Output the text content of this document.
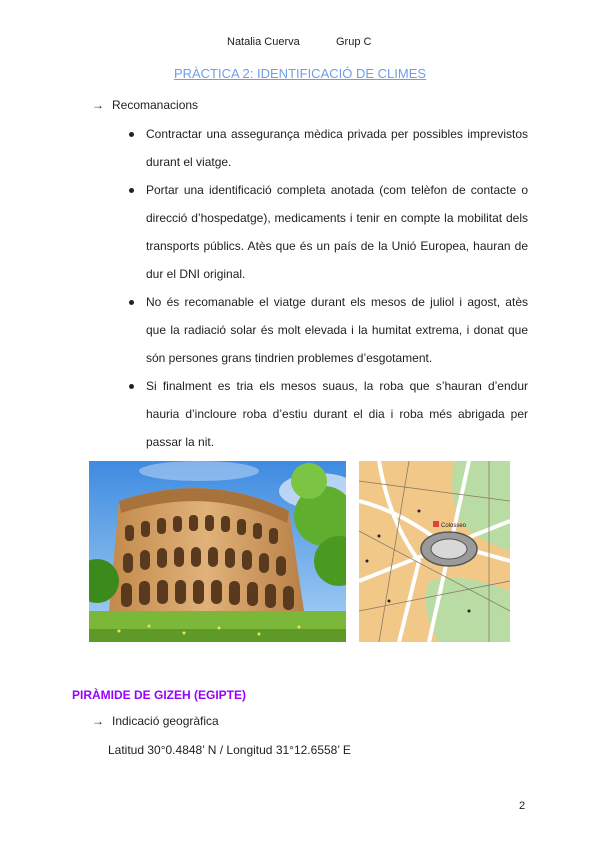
Natalia Cuerva	Grup C
PRÀCTICA 2: IDENTIFICACIÓ DE CLIMES
→ Recomanacions
Contractar una assegurança mèdica privada per possibles imprevistos durant el viatge.
Portar una identificació completa anotada (com telèfon de contacte o direcció d’hospedatge), medicaments i tenir en compte la mobilitat dels transports públics. Atès que és un país de la Unió Europea, hauran de dur el DNI original.
No és recomanable el viatge durant els mesos de juliol i agost, atès que la radiació solar és molt elevada i la humitat extrema, i donat que són persones grans tindrien problemes d’esgotament.
Si finalment es tria els mesos suaus, la roba que s’hauran d’endur hauria d’incloure roba d’estiu durant el dia i roba més abrigada per passar la nit.
Colosseo
PIRÀMIDE DE GIZEH (EGIPTE)
→ Indicació geogràfica
Latitud 30°0.4848’ N / Longitud 31°12.6558’ E
2
